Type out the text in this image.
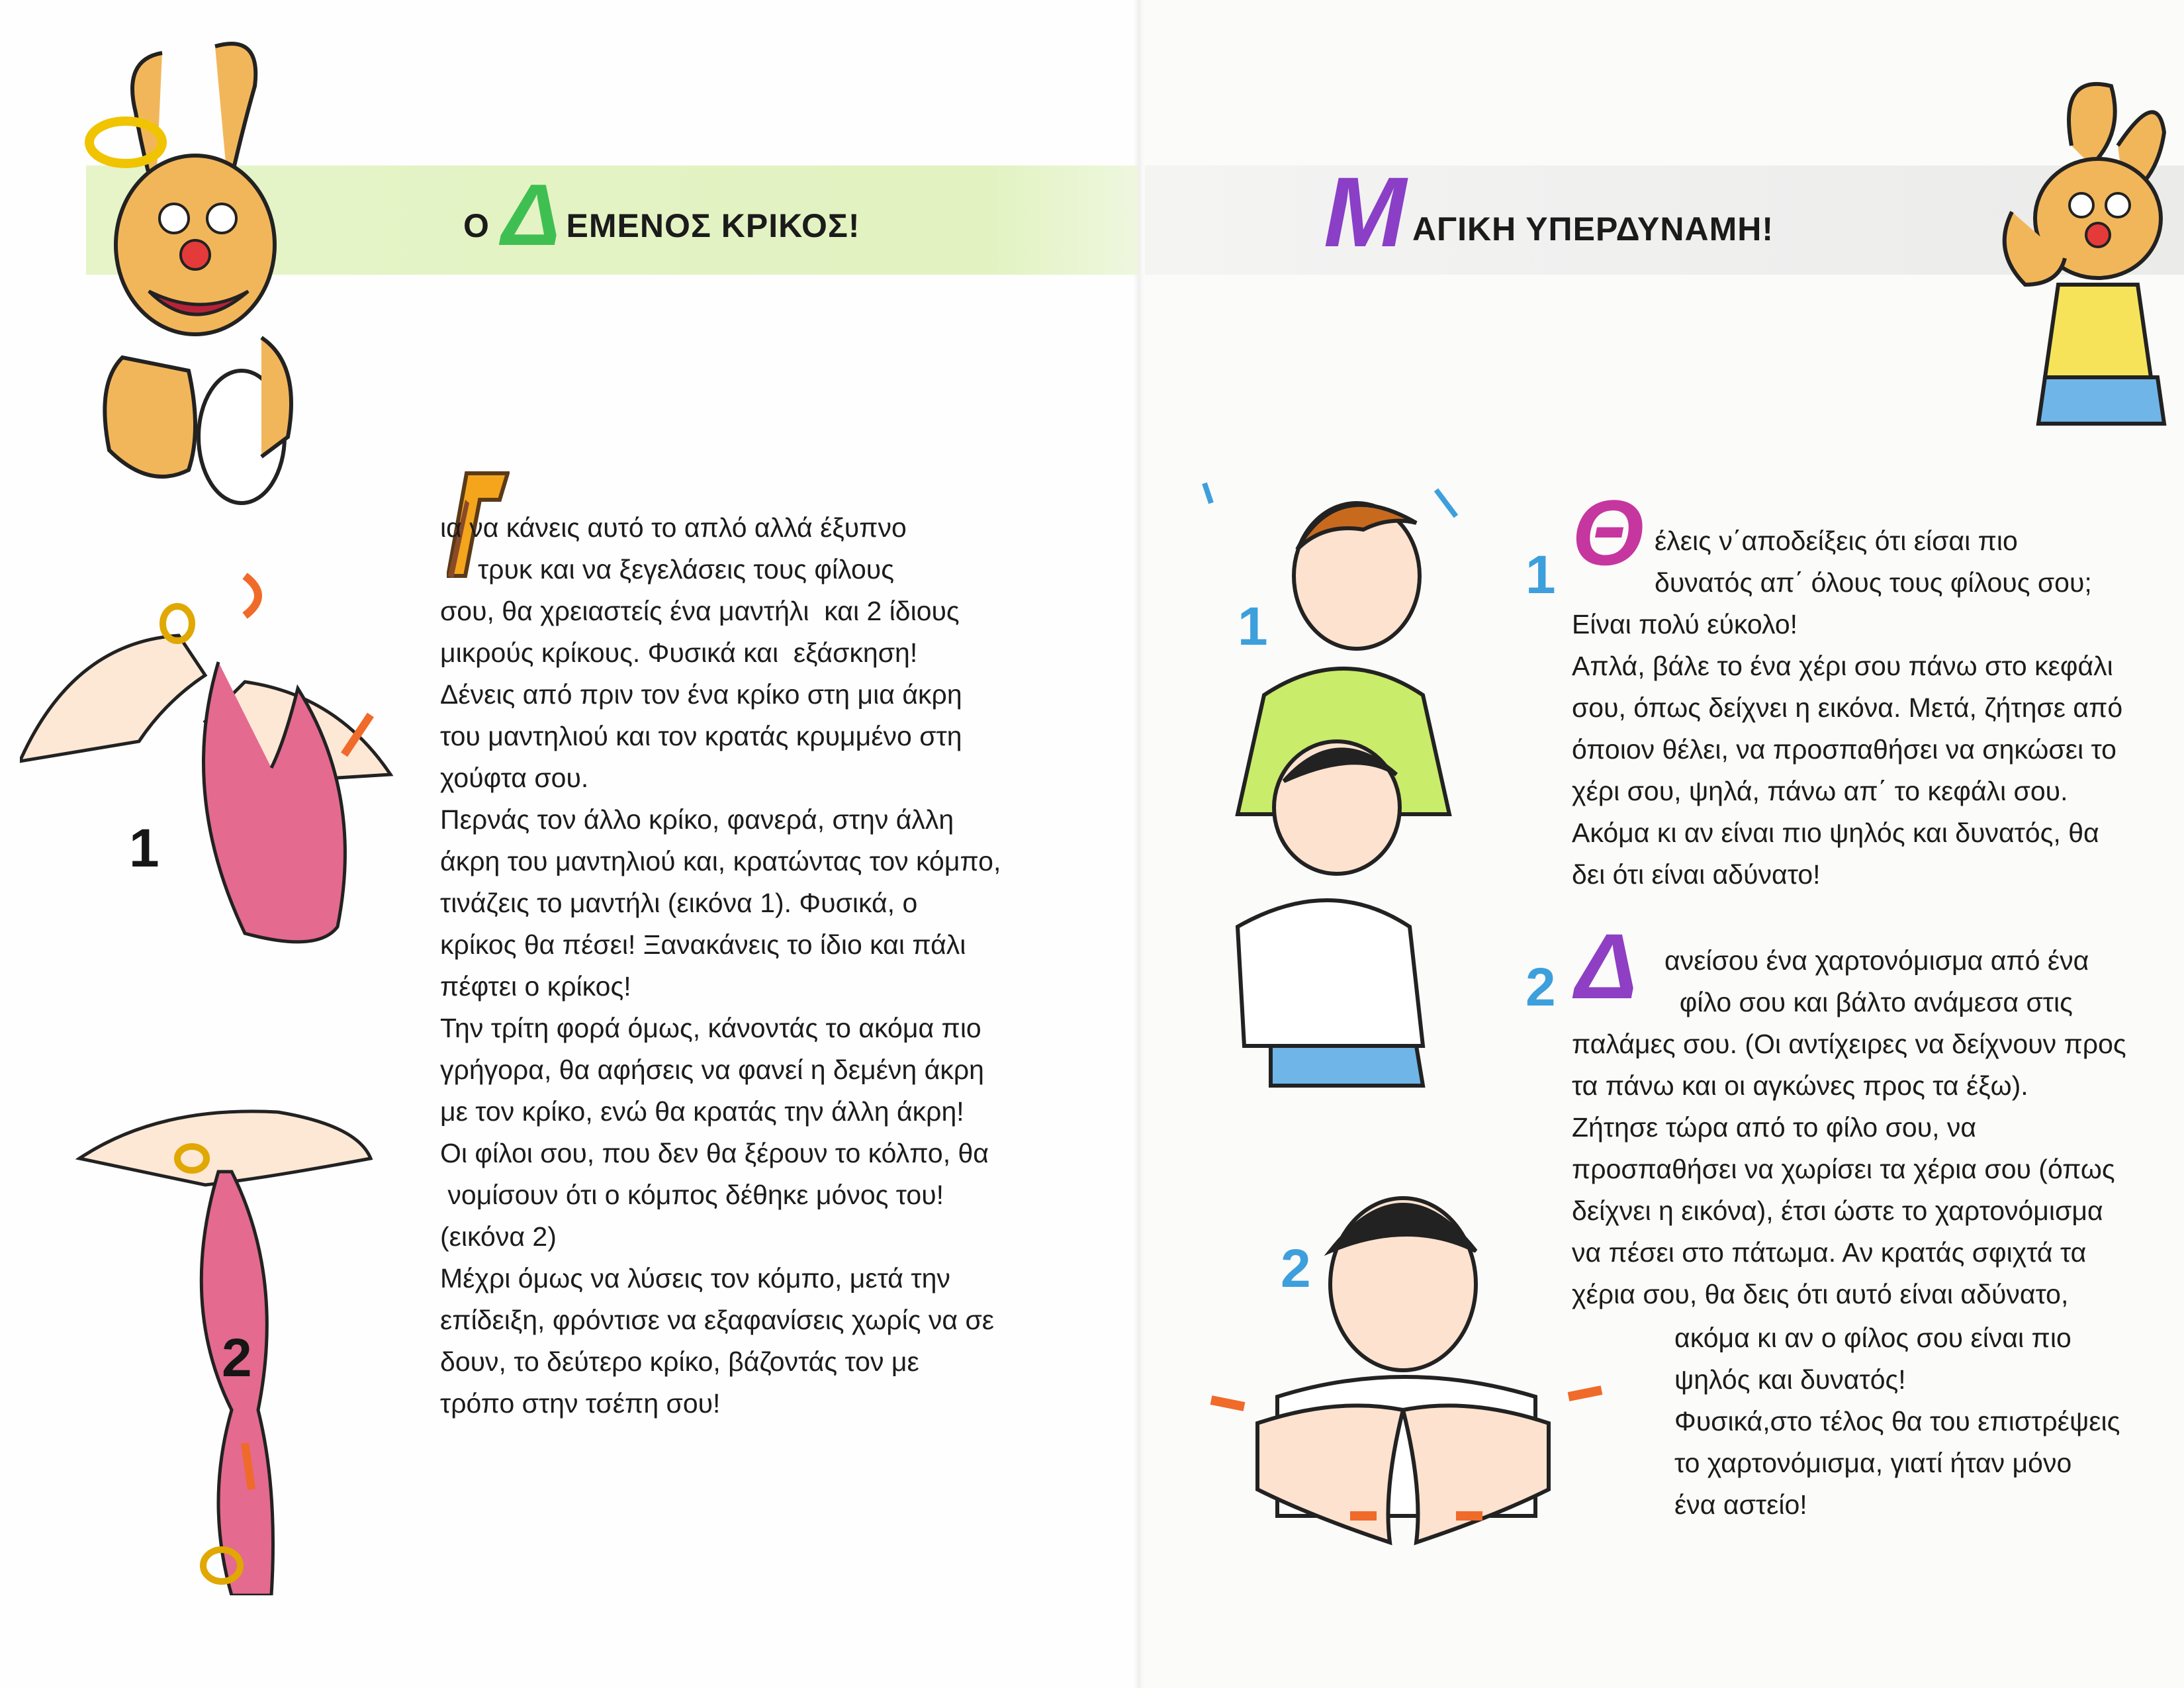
Ο Δ ΕΜΕΝΟΣ ΚΡΙΚΟΣ!	Μ ΑΓΙΚΗ ΥΠΕΡΔΥΝΑΜΗ!
1
2
1
2
ια να κάνεις αυτό το απλό αλλά έξυπνο
τρυκ και να ξεγελάσεις τους φίλους
σου, θα χρειαστείς ένα μαντήλι  και 2 ίδιους
μικρούς κρίκους. Φυσικά και  εξάσκηση!
Δένεις από πριν τον ένα κρίκο στη μια άκρη
του μαντηλιού και τον κρατάς κρυμμένο στη
χούφτα σου.
Περνάς τον άλλο κρίκο, φανερά, στην άλλη
άκρη του μαντηλιού και, κρατώντας τον κόμπο,
τινάζεις το μαντήλι (εικόνα 1). Φυσικά, ο
κρίκος θα πέσει! Ξανακάνεις το ίδιο και πάλι
πέφτει ο κρίκος!
Την τρίτη φορά όμως, κάνοντάς το ακόμα πιο
γρήγορα, θα αφήσεις να φανεί η δεμένη άκρη
με τον κρίκο, ενώ θα κρατάς την άλλη άκρη!
Οι φίλοι σου, που δεν θα ξέρουν το κόλπο, θα
νομίσουν ότι ο κόμπος δέθηκε μόνος του!
(εικόνα 2)
Μέχρι όμως να λύσεις τον κόμπο, μετά την
επίδειξη, φρόντισε να εξαφανίσεις χωρίς να σε
δουν, το δεύτερο κρίκο, βάζοντάς τον με
τρόπο στην τσέπη σου!
1 Θ έλεις ν΄αποδείξεις ότι είσαι πιο
δυνατός απ΄ όλους τους φίλους σου;
Είναι πολύ εύκολο!
Απλά, βάλε το ένα χέρι σου πάνω στο κεφάλι
σου, όπως δείχνει η εικόνα. Μετά, ζήτησε από
όποιον θέλει, να προσπαθήσει να σηκώσει το
χέρι σου, ψηλά, πάνω απ΄ το κεφάλι σου.
Ακόμα κι αν είναι πιο ψηλός και δυνατός, θα
δει ότι είναι αδύνατο!
2 Δ ανείσου ένα χαρτονόμισμα από ένα
φίλο σου και βάλτο ανάμεσα στις
παλάμες σου. (Οι αντίχειρες να δείχνουν προς
τα πάνω και οι αγκώνες προς τα έξω).
Ζήτησε τώρα από το φίλο σου, να
προσπαθήσει να χωρίσει τα χέρια σου (όπως
δείχνει η εικόνα), έτσι ώστε το χαρτονόμισμα
να πέσει στο πάτωμα. Αν κρατάς σφιχτά τα
χέρια σου, θα δεις ότι αυτό είναι αδύνατο,
ακόμα κι αν ο φίλος σου είναι πιο
ψηλός και δυνατός!
Φυσικά,στο τέλος θα του επιστρέψεις
το χαρτονόμισμα, γιατί ήταν μόνο
ένα αστείο!
